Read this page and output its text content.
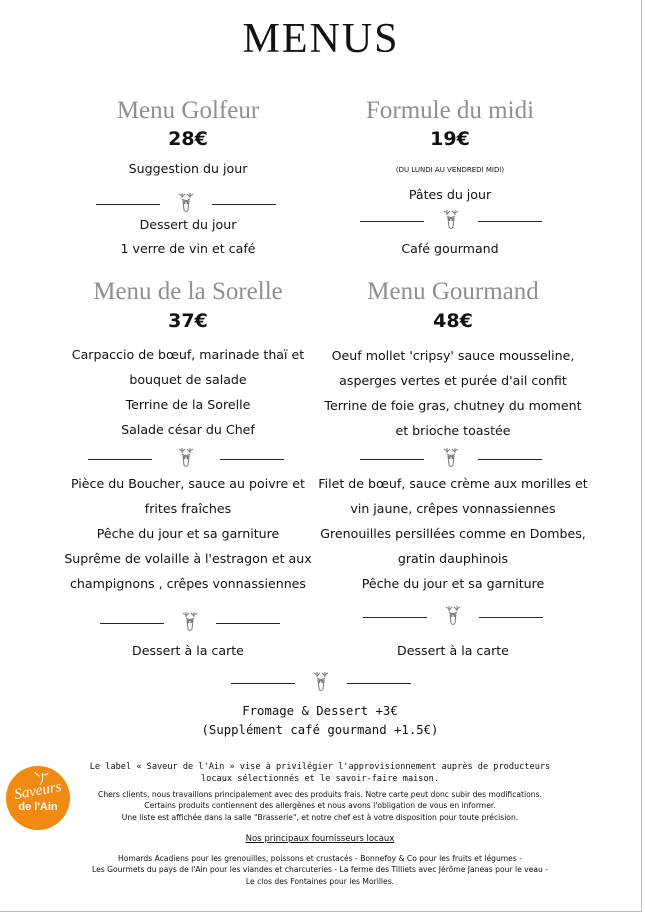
MENUS
Menu Golfeur
28€
Suggestion du jour
Dessert du jour
1 verre de vin et café
Formule du midi
19€
(DU LUNDI AU VENDREDI MIDI)
Pâtes du jour
Café gourmand
Menu de la Sorelle
37€
Carpaccio de bœuf, marinade thaï et
bouquet de salade
Terrine de la Sorelle
Salade césar du Chef
Pièce du Boucher, sauce au poivre et
frites fraîches
Pêche du jour et sa garniture
Suprême de volaille à l'estragon et aux
champignons , crêpes vonnassiennes
Dessert à la carte
Menu Gourmand
48€
Oeuf mollet 'cripsy' sauce mousseline,
asperges vertes et purée d'ail confit
Terrine de foie gras, chutney du moment
et brioche toastée
Filet de bœuf, sauce crème aux morilles et
vin jaune, crêpes vonnassiennes
Grenouilles persillées comme en Dombes,
gratin dauphinois
Pêche du jour et sa garniture
Dessert à la carte
Fromage & Dessert +3€
(Supplément café gourmand +1.5€)
Le label « Saveur de l'Ain » vise à privilégier l'approvisionnement auprès de producteurs
locaux sélectionnés et le savoir-faire maison.
Saveurs
de l'Ain
Chers clients, nous travaillons principalement avec des produits frais. Notre carte peut donc subir des modifications.
Certains produits contiennent des allergènes et nous avons l'obligation de vous en informer.
Une liste est affichée dans la salle "Brasserie", et notre chef est à votre disposition pour toute précision.
Nos principaux fournisseurs locaux
Homards Acadiens pour les grenouilles, poissons et crustacés - Bonnefoy & Co pour les fruits et légumes -
Les Gourmets du pays de l'Ain pour les viandes et charcuteries - La ferme des Tilliets avec Jérôme Janeas pour le veau -
Le clos des Fontaines pour les Morilles.
